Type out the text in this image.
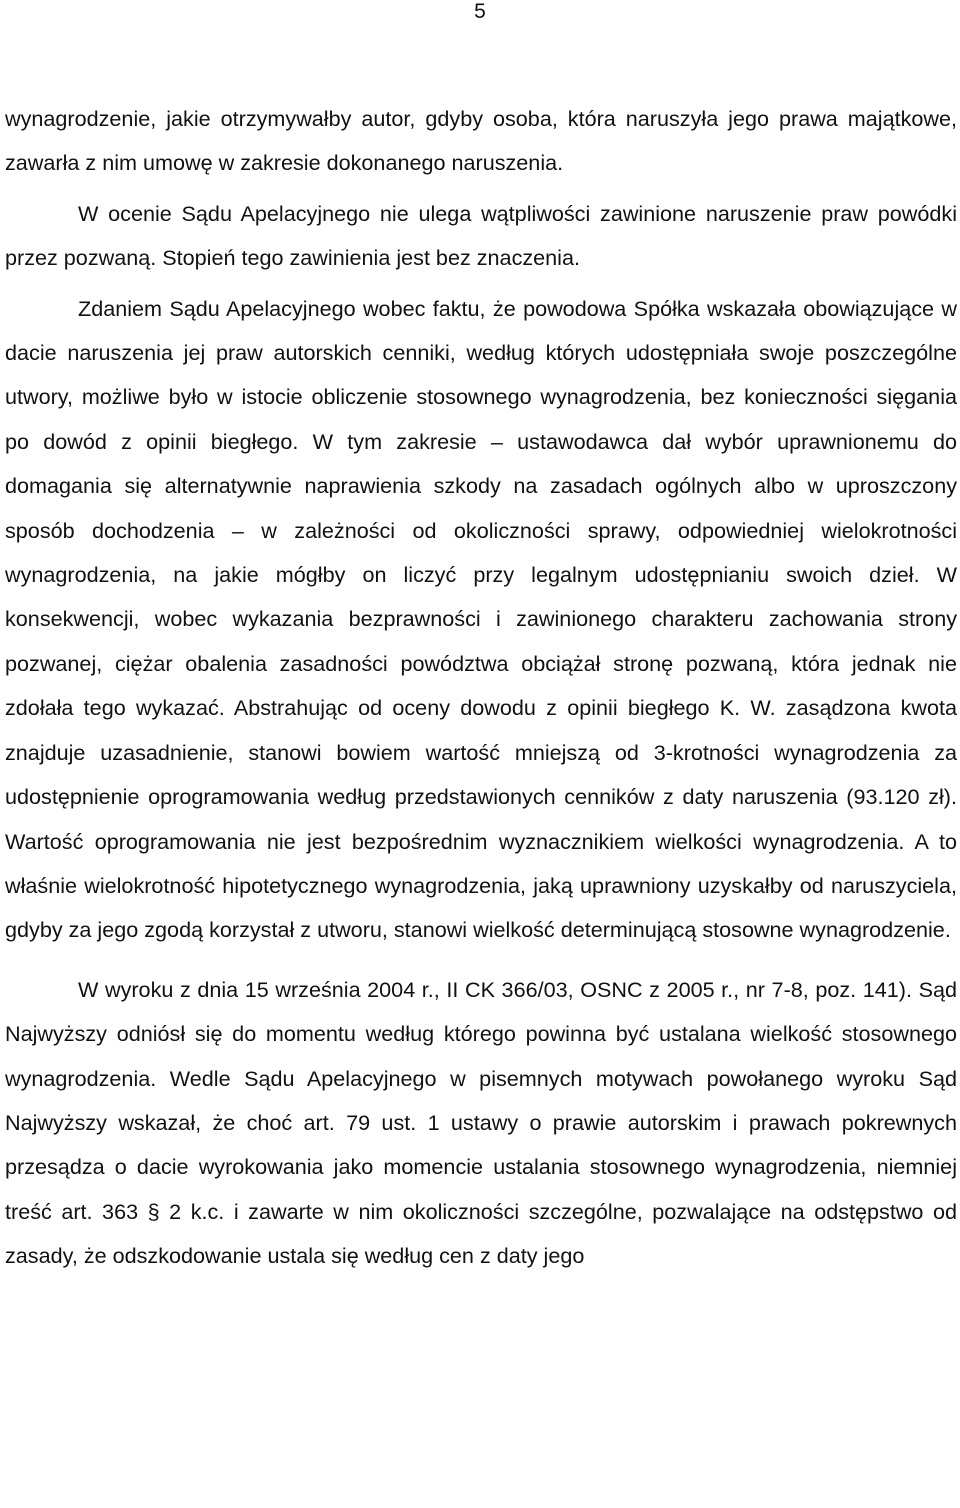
5

wynagrodzenie, jakie otrzymywałby autor, gdyby osoba, która naruszyła jego prawa majątkowe, zawarła z nim umowę w zakresie dokonanego naruszenia.

W ocenie Sądu Apelacyjnego nie ulega wątpliwości zawinione naruszenie praw powódki przez pozwaną. Stopień tego zawinienia jest bez znaczenia.

Zdaniem Sądu Apelacyjnego wobec faktu, że powodowa Spółka wskazała obowiązujące w dacie naruszenia jej praw autorskich cenniki, według których udostępniała swoje poszczególne utwory, możliwe było w istocie obliczenie stosownego wynagrodzenia, bez konieczności sięgania po dowód z opinii biegłego. W tym zakresie – ustawodawca dał wybór uprawnionemu do domagania się alternatywnie naprawienia szkody na zasadach ogólnych albo w uproszczony sposób dochodzenia – w zależności od okoliczności sprawy, odpowiedniej wielokrotności wynagrodzenia, na jakie mógłby on liczyć przy legalnym udostępnianiu swoich dzieł. W konsekwencji, wobec wykazania bezprawności i zawinionego charakteru zachowania strony pozwanej, ciężar obalenia zasadności powództwa obciążał stronę pozwaną, która jednak nie zdołała tego wykazać. Abstrahując od oceny dowodu z opinii biegłego K. W. zasądzona kwota znajduje uzasadnienie, stanowi bowiem wartość mniejszą od 3-krotności wynagrodzenia za udostępnienie oprogramowania według przedstawionych cenników z daty naruszenia (93.120 zł). Wartość oprogramowania nie jest bezpośrednim wyznacznikiem wielkości wynagrodzenia. A to właśnie wielokrotność hipotetycznego wynagrodzenia, jaką uprawniony uzyskałby od naruszyciela, gdyby za jego zgodą korzystał z utworu, stanowi wielkość determinującą stosowne wynagrodzenie.

W wyroku z dnia 15 września 2004 r., II CK 366/03, OSNC z 2005 r., nr 7-8, poz. 141). Sąd Najwyższy odniósł się do momentu według którego powinna być ustalana wielkość stosownego wynagrodzenia. Wedle Sądu Apelacyjnego w pisemnych motywach powołanego wyroku Sąd Najwyższy wskazał, że choć art. 79 ust. 1 ustawy o prawie autorskim i prawach pokrewnych przesądza o dacie wyrokowania jako momencie ustalania stosownego wynagrodzenia, niemniej treść art. 363 § 2 k.c. i zawarte w nim okoliczności szczególne, pozwalające na odstępstwo od zasady, że odszkodowanie ustala się według cen z daty jego
